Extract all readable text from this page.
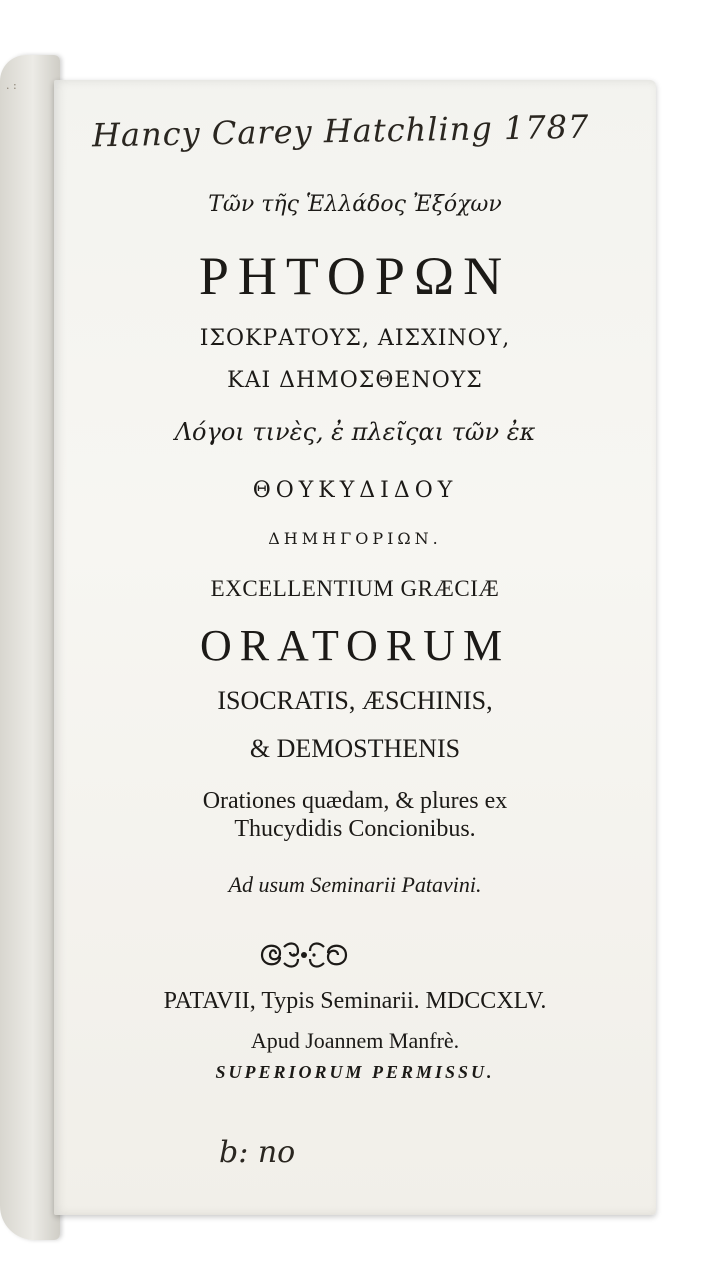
. :
Hancy Carey Hatchling 1787
Τῶν τῆς Ἑλλάδος Ἐξόχων
ΡΗΤΟΡΩΝ
ΙΣΟΚΡΑΤΟΥΣ, ΑΙΣΧΙΝΟΥ,
ΚΑΙ ΔΗΜΟΣΘΕΝΟΥΣ
Λόγοι τινὲς, ἐ πλεῖςαι τῶν ἐκ
ΘΟΥΚΥΔΙΔΟΥ
ΔΗΜΗΓΟΡΙΩΝ.
EXCELLENTIUM GRÆCIÆ
ORATORUM
ISOCRATIS, ÆSCHINIS,
& DEMOSTHENIS
Orationes quædam, & plures ex
Thucydidis Concionibus.
Ad usum Seminarii Patavini.
PATAVII, Typis Seminarii. MDCCXLV.
Apud Joannem Manfrè.
SUPERIORUM PERMISSU.
b: no
